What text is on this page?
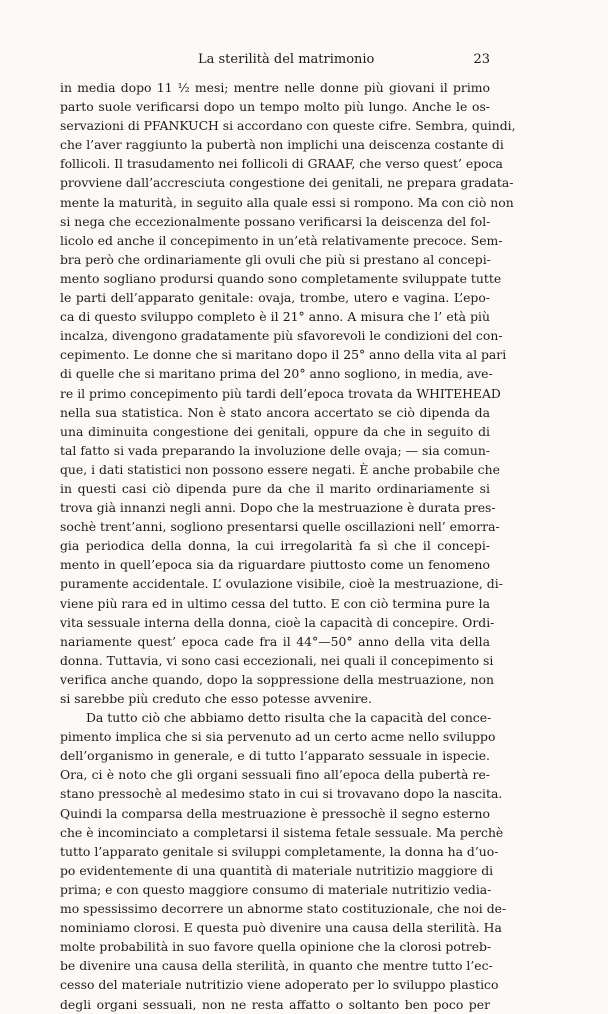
La sterilità del matrimonio	23
in media dopo 11 ½ mesi; mentre nelle donne più giovani il primo
parto suole verificarsi dopo un tempo molto più lungo. Anche le os-
servazioni di PFANKUCH si accordano con queste cifre. Sembra, quindi,
che l’aver raggiunto la pubertà non implichi una deiscenza costante di
follicoli. Il trasudamento nei follicoli di GRAAF, che verso quest’ epoca
provviene dall’accresciuta congestione dei genitali, ne prepara gradata-
mente la maturità, in seguito alla quale essi si rompono. Ma con ciò non
si nega che eccezionalmente possano verificarsi la deiscenza del fol-
licolo ed anche il concepimento in un’età relativamente precoce. Sem-
bra però che ordinariamente gli ovuli che più si prestano al concepi-
mento sogliano prodursi quando sono completamente sviluppate tutte
le parti dell’apparato genitale: ovaja, trombe, utero e vagina. L’epo-
ca di questo sviluppo completo è il 21° anno. A misura che l’ età più
incalza, divengono gradatamente più sfavorevoli le condizioni del con-
cepimento. Le donne che si maritano dopo il 25° anno della vita al pari
di quelle che si maritano prima del 20° anno sogliono, in media, ave-
re il primo concepimento più tardi dell’epoca trovata da WHITEHEAD
nella sua statistica. Non è stato ancora accertato se ciò dipenda da
una diminuita congestione dei genitali, oppure da che in seguito di
tal fatto si vada preparando la involuzione delle ovaja; — sia comun-
que, i dati statistici non possono essere negati. È anche probabile che
in questi casi ciò dipenda pure da che il marito ordinariamente si
trova già innanzi negli anni. Dopo che la mestruazione è durata pres-
sochè trent’anni, sogliono presentarsi quelle oscillazioni nell’ emorra-
gia periodica della donna, la cui irregolarità fa sì che il concepi-
mento in quell’epoca sia da riguardare piuttosto come un fenomeno
puramente accidentale. L’ ovulazione visibile, cioè la mestruazione, di-
viene più rara ed in ultimo cessa del tutto. E con ciò termina pure la
vita sessuale interna della donna, cioè la capacità di concepire. Ordi-
nariamente quest’ epoca cade fra il 44°—50° anno della vita della
donna. Tuttavia, vi sono casi eccezionali, nei quali il concepimento si
verifica anche quando, dopo la soppressione della mestruazione, non
si sarebbe più creduto che esso potesse avvenire.
Da tutto ciò che abbiamo detto risulta che la capacità del conce-
pimento implica che si sia pervenuto ad un certo acme nello sviluppo
dell’organismo in generale, e di tutto l’apparato sessuale in ispecie.
Ora, ci è noto che gli organi sessuali fino all’epoca della pubertà re-
stano pressochè al medesimo stato in cui si trovavano dopo la nascita.
Quindi la comparsa della mestruazione è pressochè il segno esterno
che è incominciato a completarsi il sistema fetale sessuale. Ma perchè
tutto l’apparato genitale si sviluppi completamente, la donna ha d’uo-
po evidentemente di una quantità di materiale nutritizio maggiore di
prima; e con questo maggiore consumo di materiale nutritizio vedia-
mo spessissimo decorrere un abnorme stato costituzionale, che noi de-
nominiamo clorosi. E questa può divenire una causa della sterilità. Ha
molte probabilità in suo favore quella opinione che la clorosi potreb-
be divenire una causa della sterilità, in quanto che mentre tutto l’ec-
cesso del materiale nutritizio viene adoperato per lo sviluppo plastico
degli organi sessuali, non ne resta affatto o soltanto ben poco per
